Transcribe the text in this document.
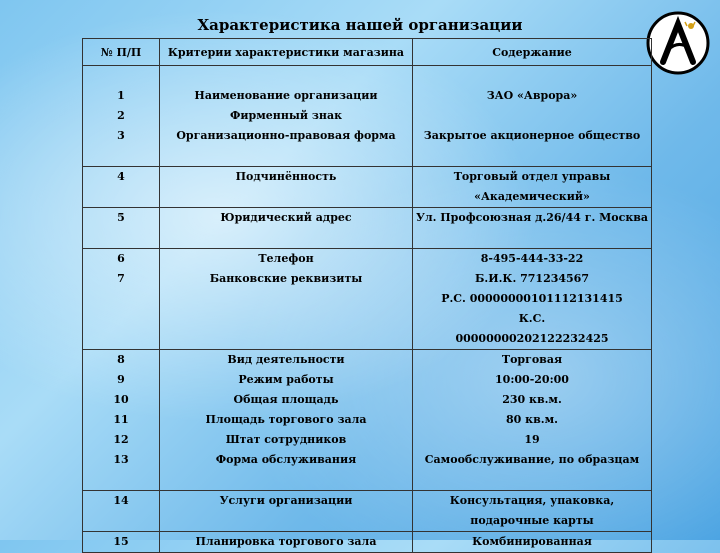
Характеристика нашей организации
№ П/П	Критерии характеристики магазина	Содержание

1	Наименование организации	ЗАО «Аврора»
2	Фирменный знак	
3	Организационно-правовая форма	Закрытое акционерное общество

4	Подчинённость	Торговый отдел управы
		«Академический»
5	Юридический адрес	Ул. Профсоюзная д.26/44 г. Москва

6	Телефон	8-495-444-33-22
7	Банковские реквизиты	Б.И.К. 771234567
		Р.С. 00000000101112131415
		К.С.
		00000000202122232425
8	Вид деятельности	Торговая
9	Режим работы	10:00-20:00
10	Общая площадь	230 кв.м.
11	Площадь торгового зала	80 кв.м.
12	Штат сотрудников	19
13	Форма обслуживания	Самообслуживание, по образцам

14	Услуги организации	Консультация, упаковка,
		подарочные карты
15	Планировка торгового зала	Комбинированная
